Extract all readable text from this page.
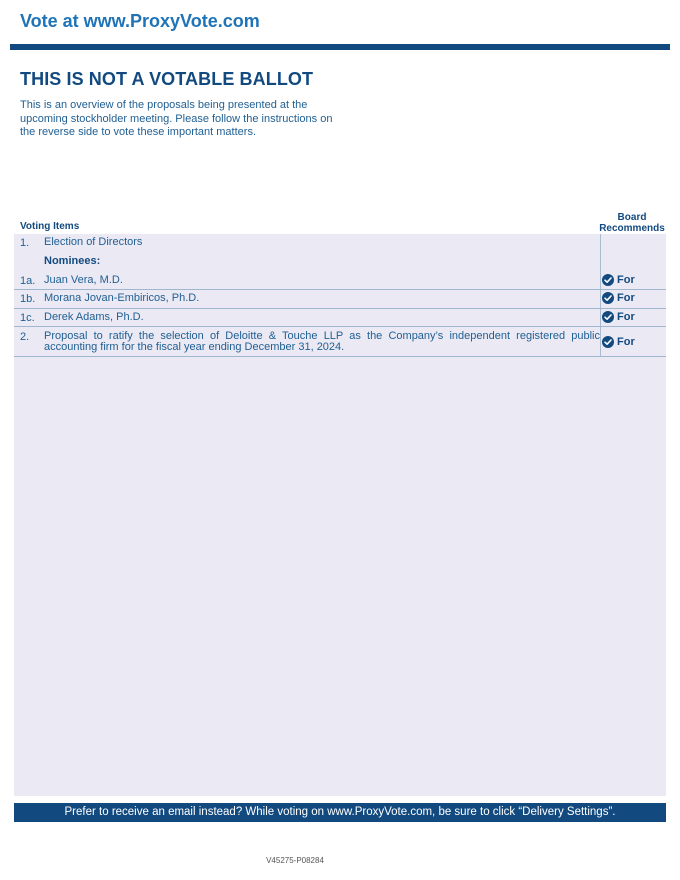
Vote at www.ProxyVote.com
THIS IS NOT A VOTABLE BALLOT
This is an overview of the proposals being presented at the upcoming stockholder meeting. Please follow the instructions on the reverse side to vote these important matters.
Voting Items
Board
Recommends
1. Election of Directors
Nominees:
1a. Juan Vera, M.D.	For
1b. Morana Jovan-Embiricos, Ph.D.	For
1c. Derek Adams, Ph.D.	For
2. Proposal to ratify the selection of Deloitte & Touche LLP as the Company’s independent registered public accounting firm for the fiscal year ending December 31, 2024.	For
Prefer to receive an email instead? While voting on www.ProxyVote.com, be sure to click “Delivery Settings”.
V45275-P08284
